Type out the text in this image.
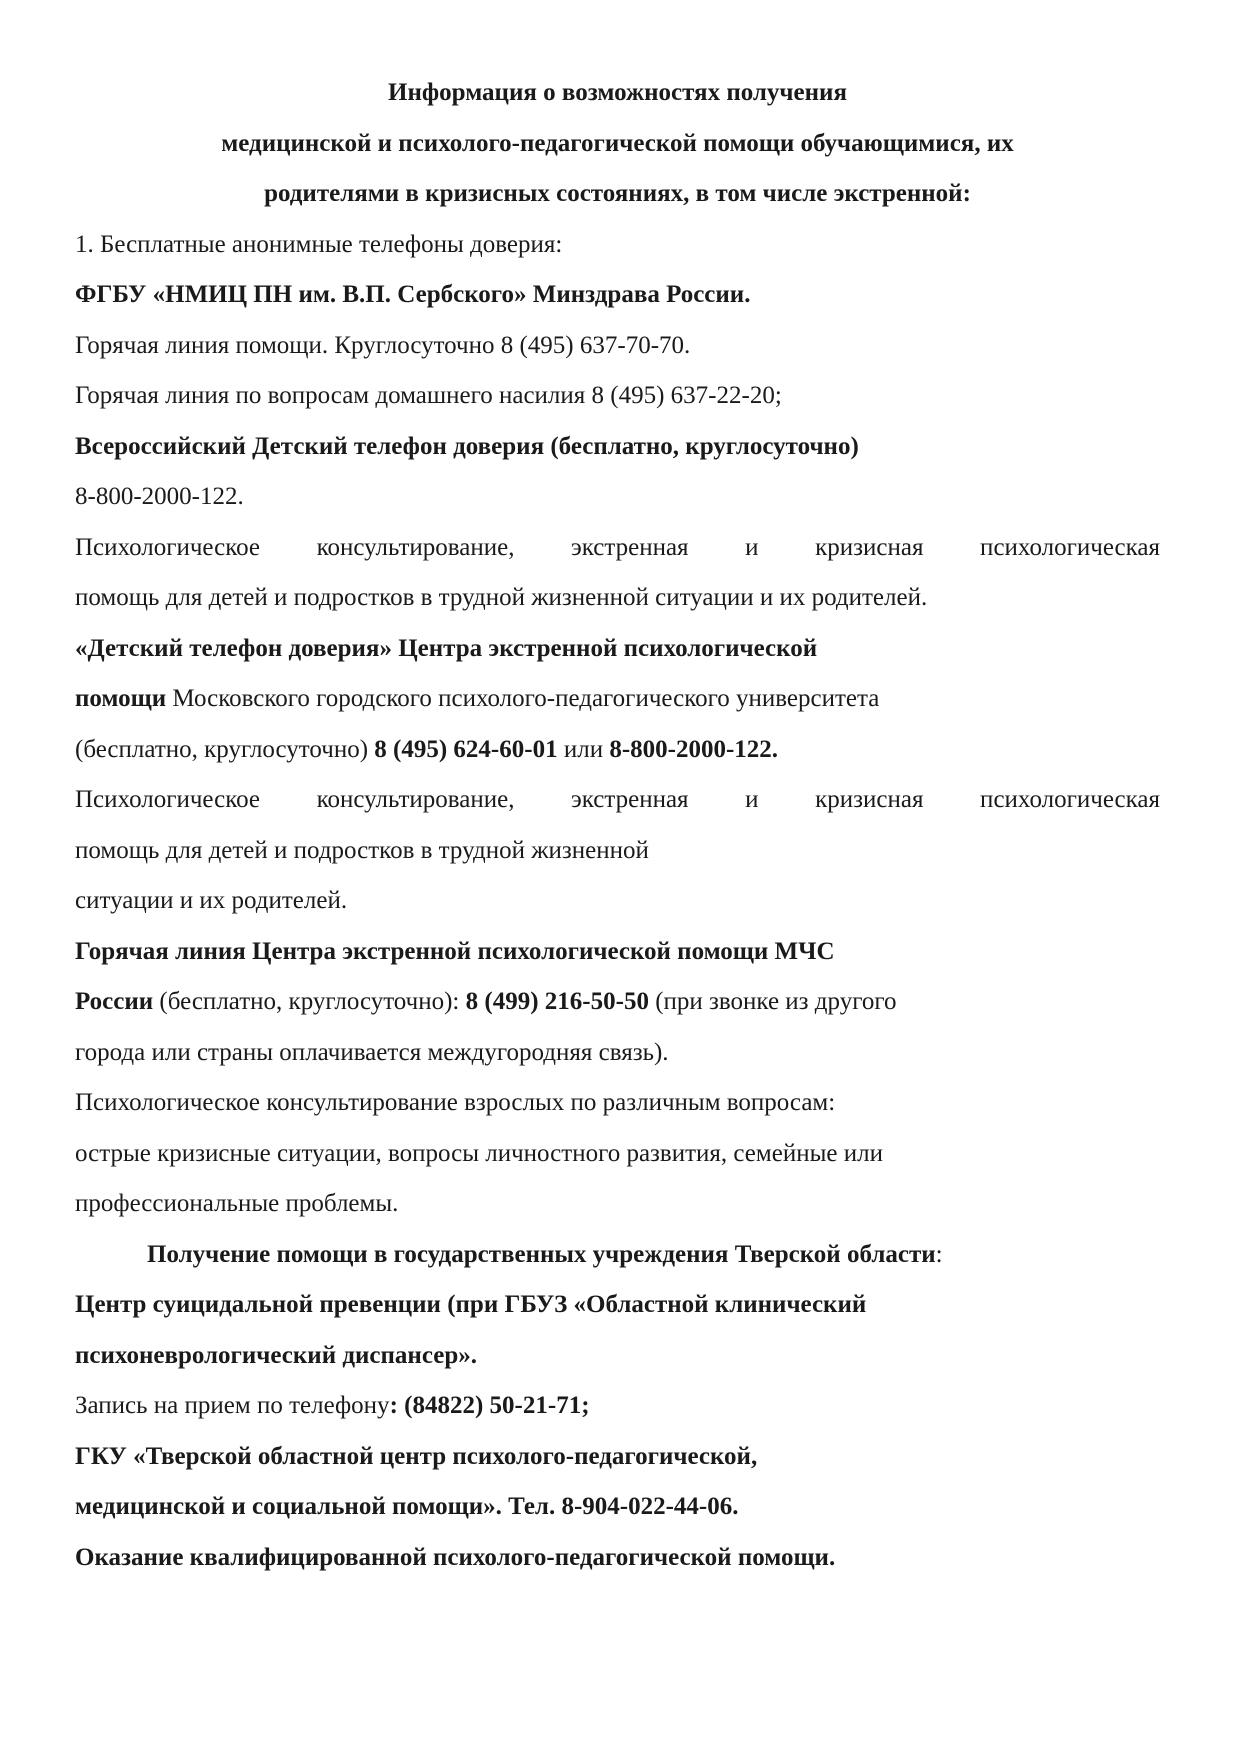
Информация о возможностях получения
медицинской и психолого-педагогической помощи обучающимися, их
родителями в кризисных состояниях, в том числе экстренной:
1. Бесплатные анонимные телефоны доверия:
ФГБУ «НМИЦ ПН им. В.П. Сербского» Минздрава России.
Горячая линия помощи. Круглосуточно 8 (495) 637-70-70.
Горячая линия по вопросам домашнего насилия 8 (495) 637-22-20;
Всероссийский Детский телефон доверия (бесплатно, круглосуточно)
8-800-2000-122.
Психологическое консультирование, экстренная и кризисная психологическая
помощь для детей и подростков в трудной жизненной ситуации и их родителей.
«Детский телефон доверия» Центра экстренной психологической
помощи Московского городского психолого-педагогического университета
(бесплатно, круглосуточно) 8 (495) 624-60-01 или 8-800-2000-122.
Психологическое консультирование, экстренная и кризисная психологическая
помощь для детей и подростков в трудной жизненной
ситуации и их родителей.
Горячая линия Центра экстренной психологической помощи МЧС
России (бесплатно, круглосуточно): 8 (499) 216-50-50 (при звонке из другого
города или страны оплачивается междугородняя связь).
Психологическое консультирование взрослых по различным вопросам:
острые кризисные ситуации, вопросы личностного развития, семейные или
профессиональные проблемы.
Получение помощи в государственных учреждения Тверской области:
Центр суицидальной превенции (при ГБУЗ «Областной клинический
психоневрологический диспансер».
Запись на прием по телефону: (84822) 50-21-71;
ГКУ «Тверской областной центр психолого-педагогической,
медицинской и социальной помощи». Тел. 8-904-022-44-06.
Оказание квалифицированной психолого-педагогической помощи.
